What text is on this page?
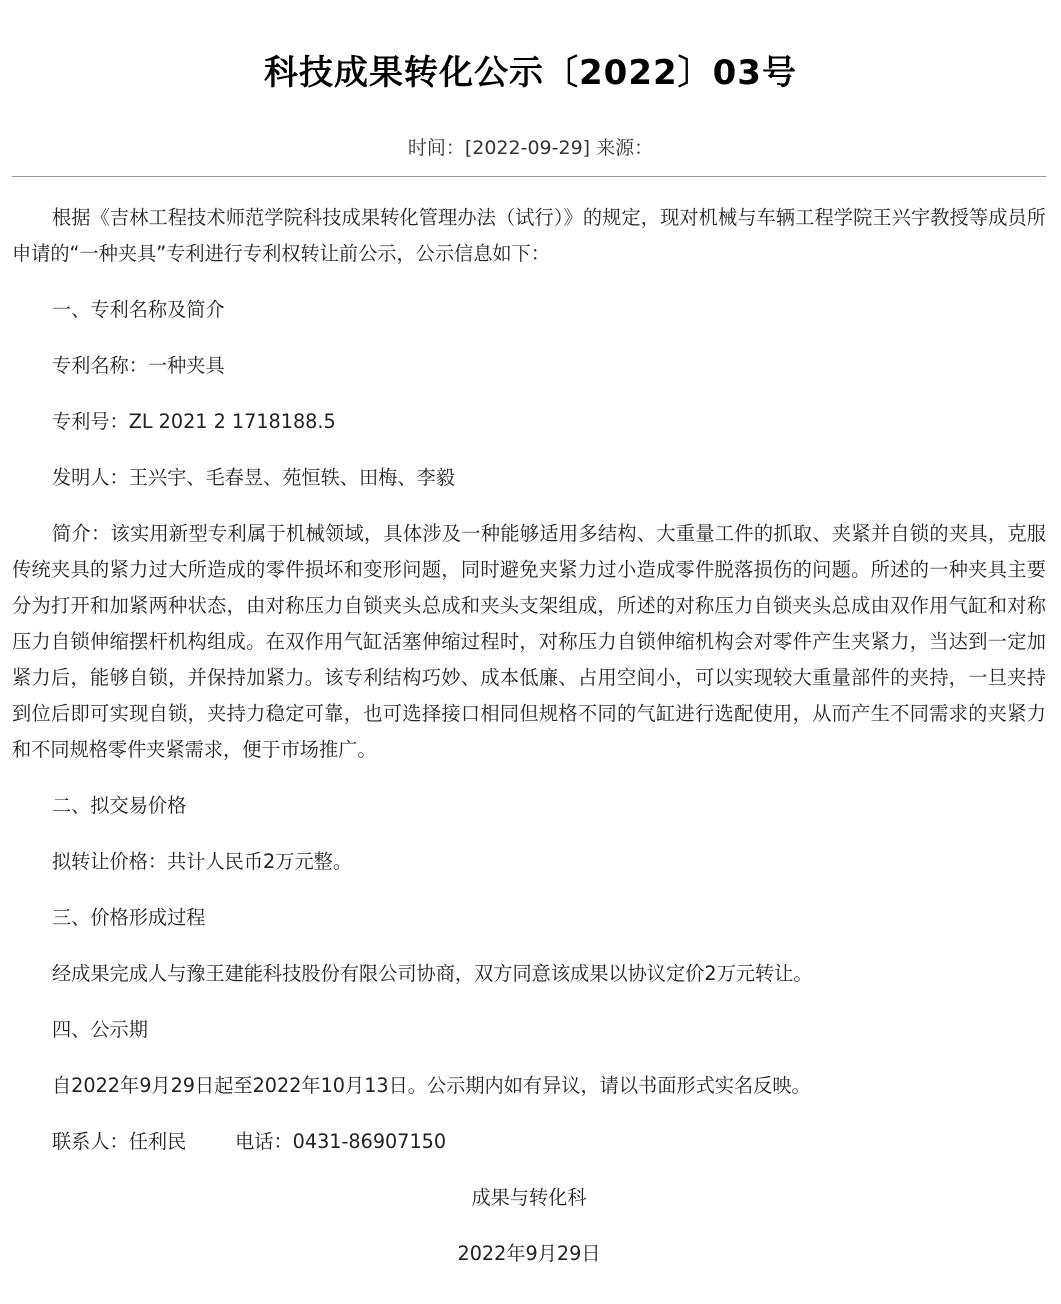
科技成果转化公示〔2022〕03号
时间：[2022-09-29] 来源：

根据《吉林工程技术师范学院科技成果转化管理办法（试行）》的规定，现对机械与车辆工程学院王兴宇教授等成员所申请的“一种夹具”专利进行专利权转让前公示，公示信息如下：

一、专利名称及简介

专利名称：一种夹具

专利号：ZL 2021 2 1718188.5

发明人：王兴宇、毛春昱、苑恒轶、田梅、李毅

简介：该实用新型专利属于机械领域，具体涉及一种能够适用多结构、大重量工件的抓取、夹紧并自锁的夹具，克服传统夹具的紧力过大所造成的零件损坏和变形问题，同时避免夹紧力过小造成零件脱落损伤的问题。所述的一种夹具主要分为打开和加紧两种状态，由对称压力自锁夹头总成和夹头支架组成，所述的对称压力自锁夹头总成由双作用气缸和对称压力自锁伸缩摆杆机构组成。在双作用气缸活塞伸缩过程时，对称压力自锁伸缩机构会对零件产生夹紧力，当达到一定加紧力后，能够自锁，并保持加紧力。该专利结构巧妙、成本低廉、占用空间小，可以实现较大重量部件的夹持，一旦夹持到位后即可实现自锁，夹持力稳定可靠，也可选择接口相同但规格不同的气缸进行选配使用，从而产生不同需求的夹紧力和不同规格零件夹紧需求，便于市场推广。

二、拟交易价格

拟转让价格：共计人民币2万元整。

三、价格形成过程

经成果完成人与豫王建能科技股份有限公司协商，双方同意该成果以协议定价2万元转让。

四、公示期

自2022年9月29日起至2022年10月13日。公示期内如有异议，请以书面形式实名反映。

联系人：任利民	电话：0431-86907150

成果与转化科

2022年9月29日
